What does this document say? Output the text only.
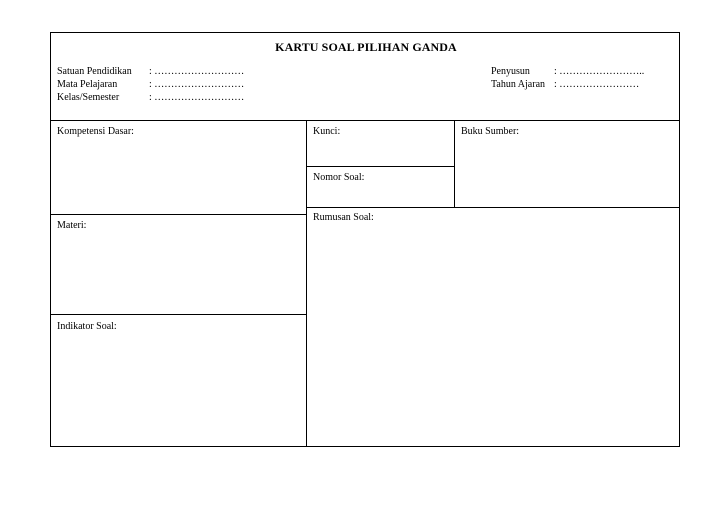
KARTU SOAL PILIHAN GANDA
Satuan Pendidikan
Mata Pelajaran
Kelas/Semester
: ………………………
: ………………………
: ………………………
Penyusun
Tahun Ajaran
: ……………………..
: ……………………
Kompetensi Dasar:	Kunci:	Buku Sumber:
Nomor Soal:
Rumusan Soal:
Materi:
Indikator Soal:
